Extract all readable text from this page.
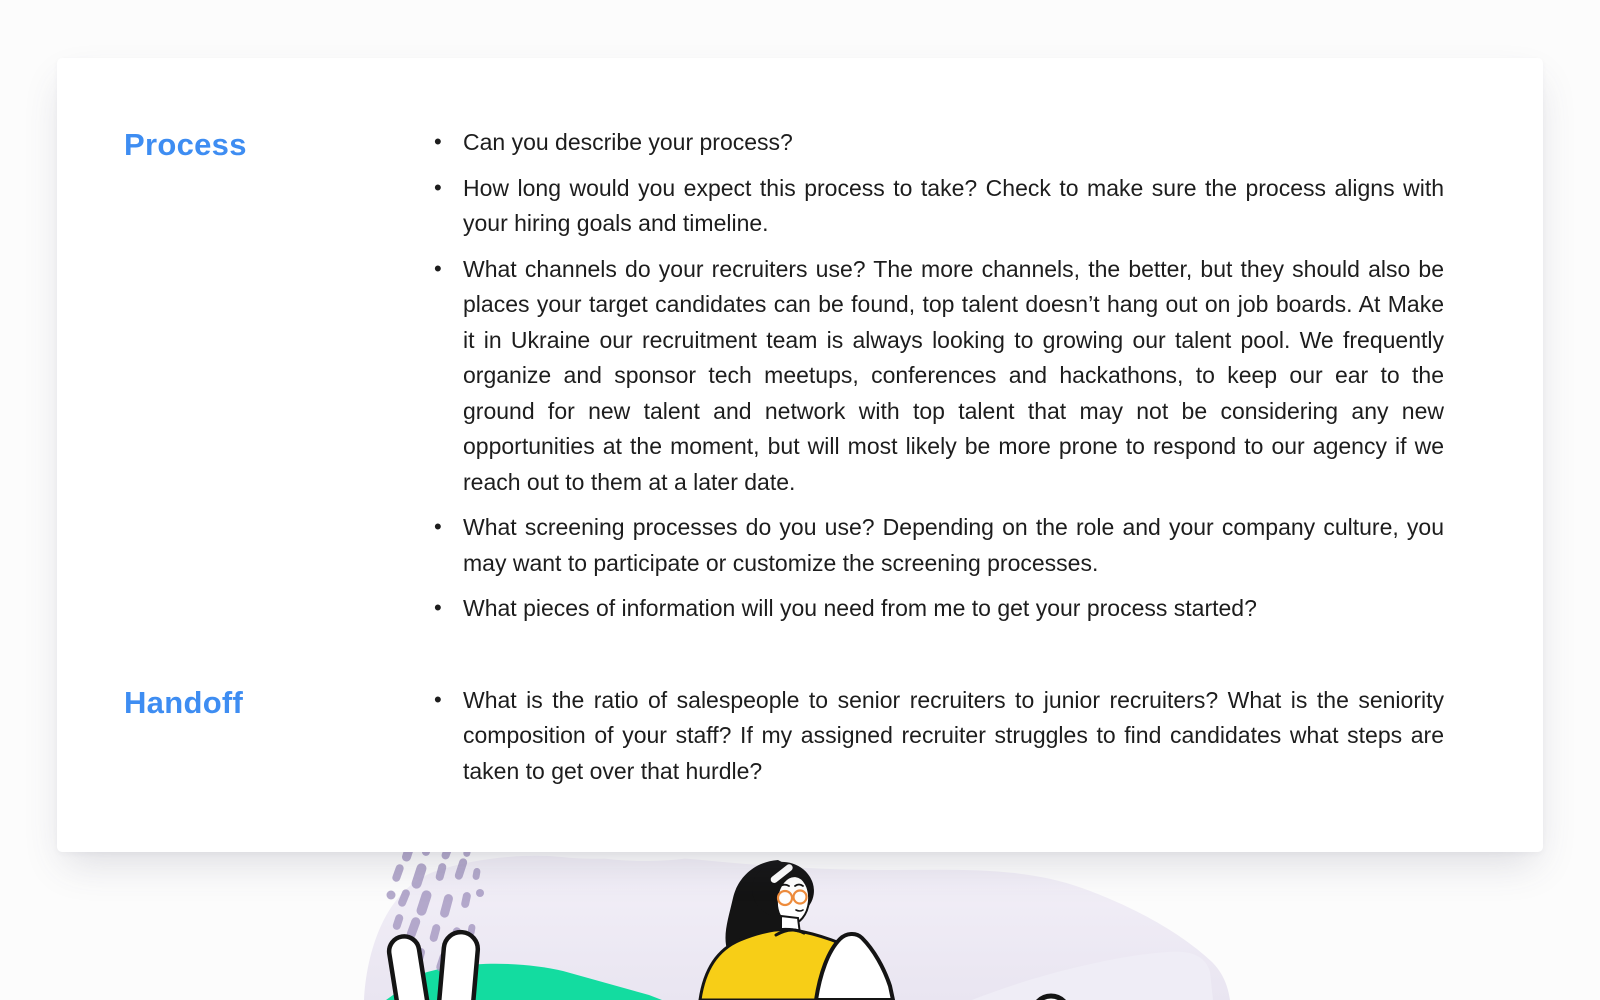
Process	• Can you describe your process?
• How long would you expect this process to take? Check to make sure the process aligns with your hiring goals and timeline.
• What channels do your recruiters use? The more channels, the better, but they should also be places your target candidates can be found, top talent doesn’t hang out on job boards. At Make it in Ukraine our recruitment team is always looking to growing our talent pool. We frequently organize and sponsor tech meetups, conferences and hackathons, to keep our ear to the ground for new talent and network with top talent that may not be considering any new opportunities at the moment, but will most likely be more prone to respond to our agency if we reach out to them at a later date.
• What screening processes do you use? Depending on the role and your company culture, you may want to participate or customize the screening processes.
• What pieces of information will you need from me to get your process started?
Handoff	• What is the ratio of salespeople to senior recruiters to junior recruiters? What is the seniority composition of your staff? If my assigned recruiter struggles to find candidates what steps are taken to get over that hurdle?
